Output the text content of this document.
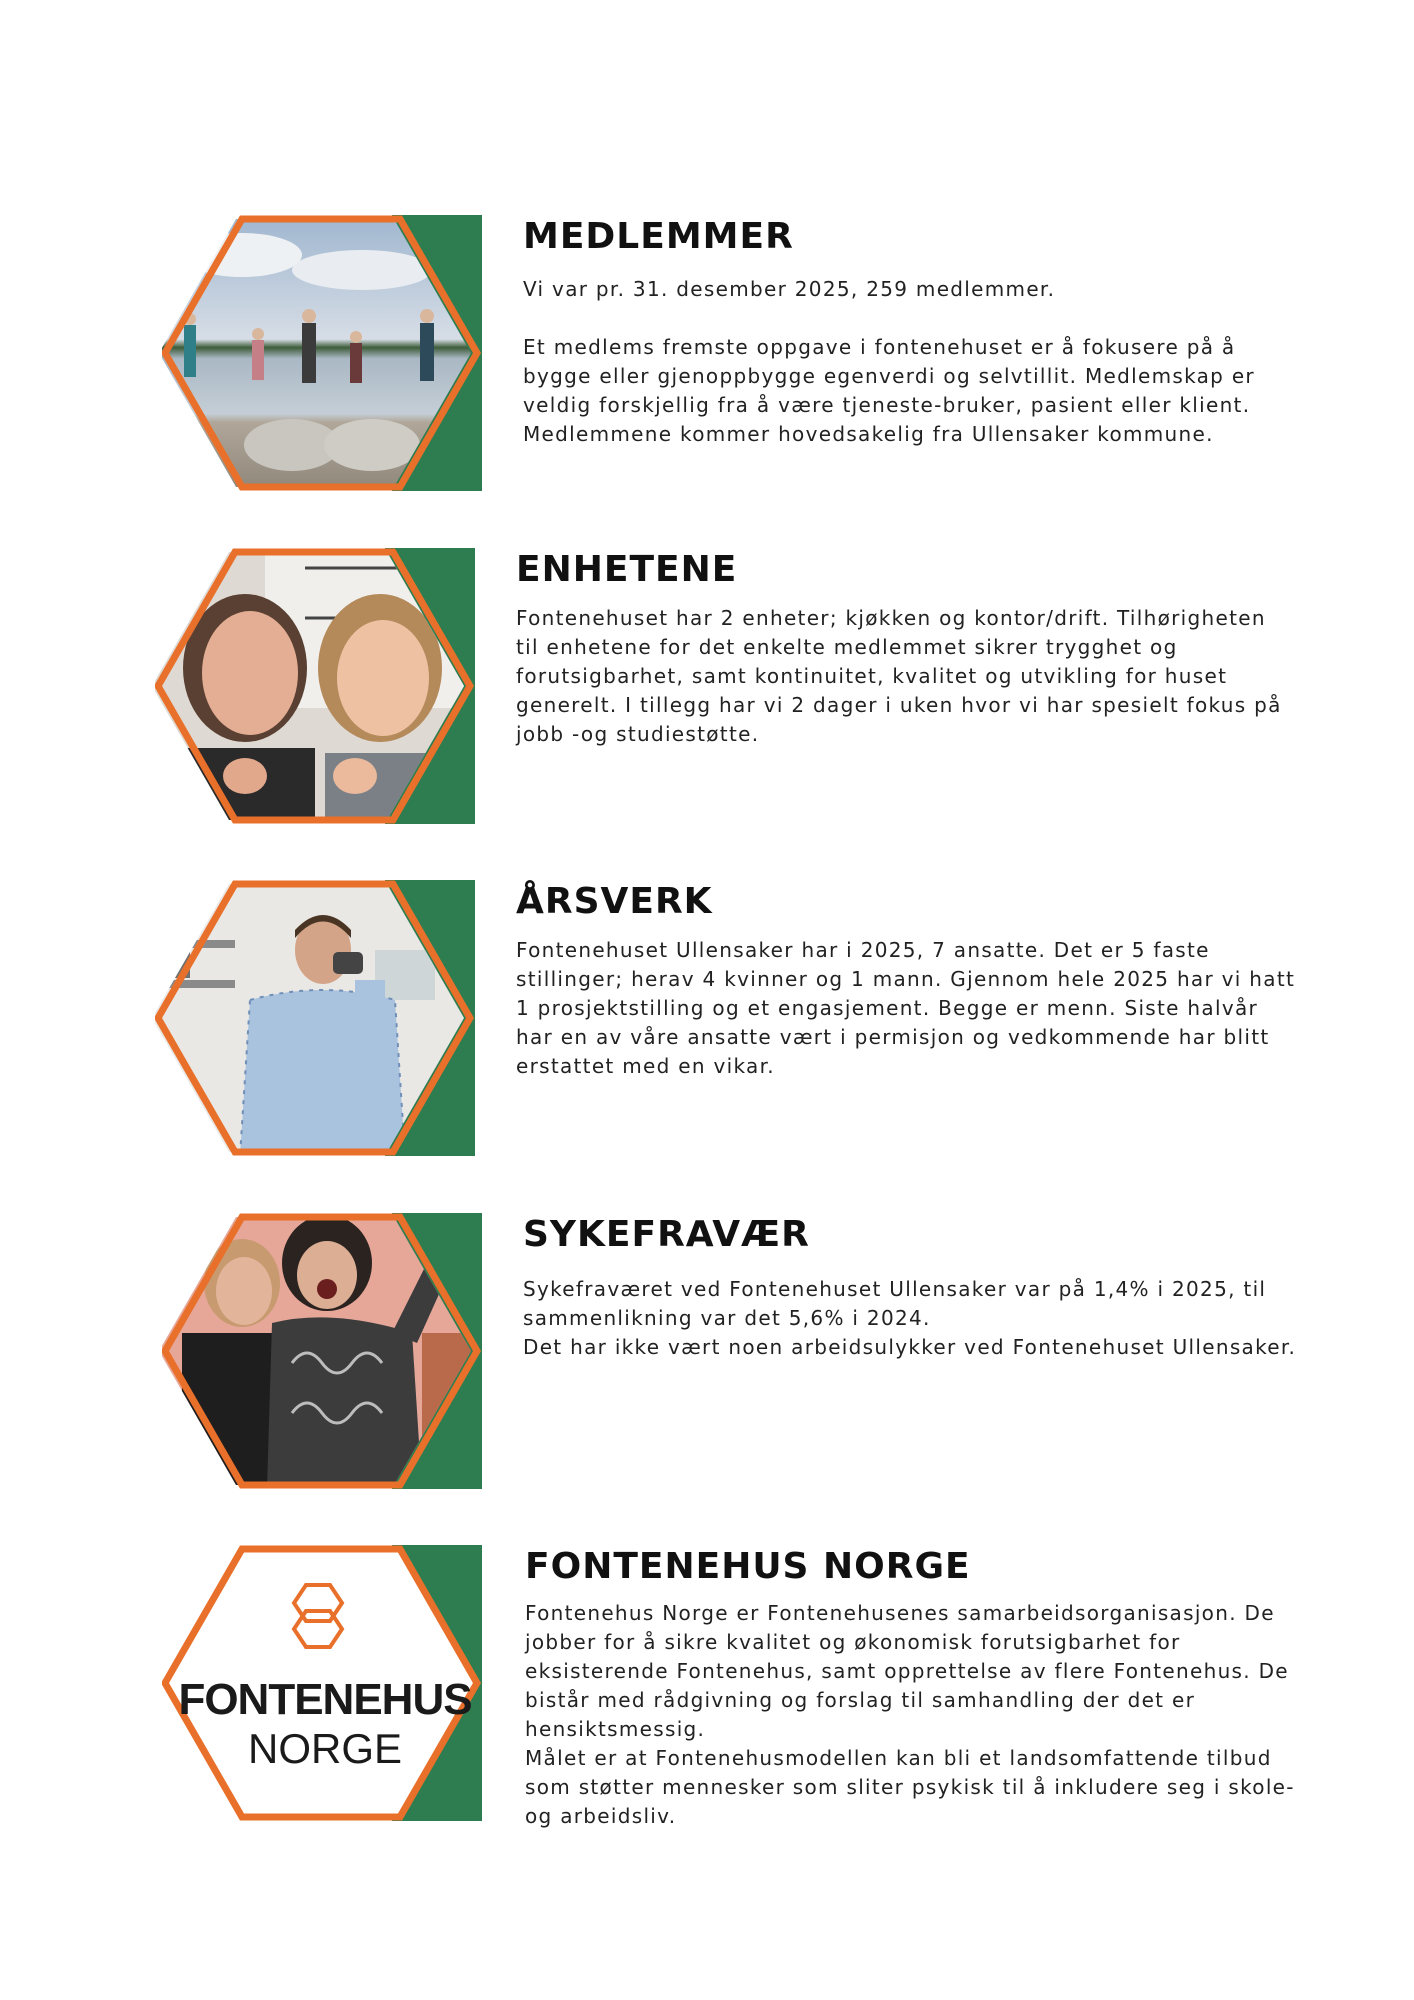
MEDLEMMER

Vi var pr. 31. desember 2025, 259 medlemmer.

Et medlems fremste oppgave i fontenehuset er å fokusere på å bygge eller gjenoppbygge egenverdi og selvtillit. Medlemskap er veldig forskjellig fra å være tjeneste-bruker, pasient eller klient.

Medlemmene kommer hovedsakelig fra Ullensaker kommune.

ENHETENE

Fontenehuset har 2 enheter; kjøkken og kontor/drift. Tilhørigheten til enhetene for det enkelte medlemmet sikrer trygghet og forutsigbarhet, samt kontinuitet, kvalitet og utvikling for huset generelt. I tillegg har vi 2 dager i uken hvor vi har spesielt fokus på jobb -og studiestøtte.

ÅRSVERK

Fontenehuset Ullensaker har i 2025, 7 ansatte. Det er 5 faste stillinger; herav 4 kvinner og 1 mann. Gjennom hele 2025 har vi hatt 1 prosjektstilling og et engasjement. Begge er menn. Siste halvår har en av våre ansatte vært i permisjon og vedkommende har blitt erstattet med en vikar.

SYKEFRAVÆR

Sykefraværet ved Fontenehuset Ullensaker var på 1,4% i 2025, til sammenlikning var det 5,6% i 2024.

Det har ikke vært noen arbeidsulykker ved Fontenehuset Ullensaker.

FONTENEHUS
NORGE
FONTENEHUS NORGE

Fontenehus Norge er Fontenehusenes samarbeidsorganisasjon. De jobber for å sikre kvalitet og økonomisk forutsigbarhet for eksisterende Fontenehus, samt opprettelse av flere Fontenehus. De bistår med rådgivning og forslag til samhandling der det er hensiktsmessig.

Målet er at Fontenehusmodellen kan bli et landsomfattende tilbud som støtter mennesker som sliter psykisk til å inkludere seg i skole- og arbeidsliv.
